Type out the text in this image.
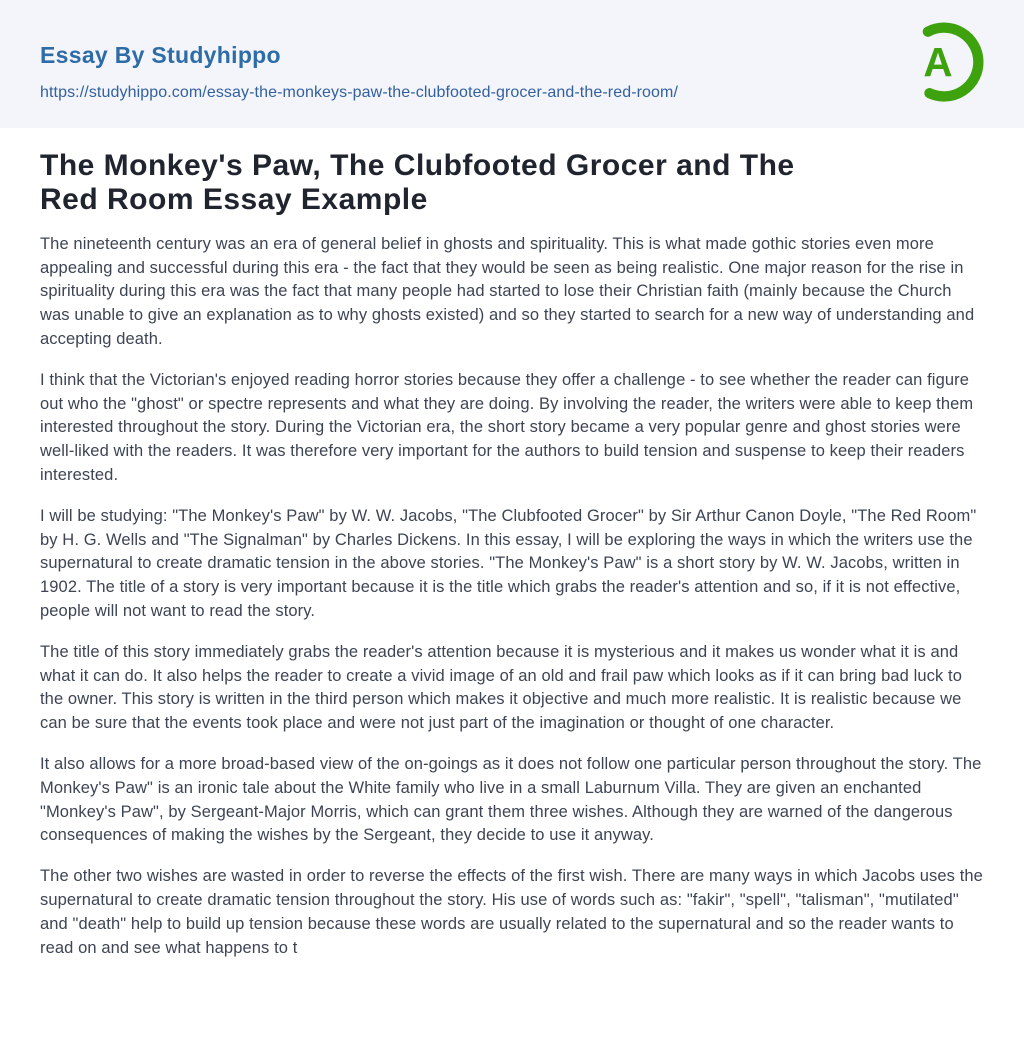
Essay By Studyhippo
https://studyhippo.com/essay-the-monkeys-paw-the-clubfooted-grocer-and-the-red-room/
A
The Monkey's Paw, The Clubfooted Grocer and The Red Room Essay Example

The nineteenth century was an era of general belief in ghosts and spirituality. This is what made gothic stories even more appealing and successful during this era - the fact that they would be seen as being realistic. One major reason for the rise in spirituality during this era was the fact that many people had started to lose their Christian faith (mainly because the Church was unable to give an explanation as to why ghosts existed) and so they started to search for a new way of understanding and accepting death.

I think that the Victorian's enjoyed reading horror stories because they offer a challenge - to see whether the reader can figure out who the "ghost" or spectre represents and what they are doing. By involving the reader, the writers were able to keep them interested throughout the story. During the Victorian era, the short story became a very popular genre and ghost stories were well-liked with the readers. It was therefore very important for the authors to build tension and suspense to keep their readers interested.

I will be studying: "The Monkey's Paw" by W. W. Jacobs, "The Clubfooted Grocer" by Sir Arthur Canon Doyle, "The Red Room" by H. G. Wells and "The Signalman" by Charles Dickens. In this essay, I will be exploring the ways in which the writers use the supernatural to create dramatic tension in the above stories. "The Monkey's Paw" is a short story by W. W. Jacobs, written in 1902. The title of a story is very important because it is the title which grabs the reader's attention and so, if it is not effective, people will not want to read the story.

The title of this story immediately grabs the reader's attention because it is mysterious and it makes us wonder what it is and what it can do. It also helps the reader to create a vivid image of an old and frail paw which looks as if it can bring bad luck to the owner. This story is written in the third person which makes it objective and much more realistic. It is realistic because we can be sure that the events took place and were not just part of the imagination or thought of one character.

It also allows for a more broad-based view of the on-goings as it does not follow one particular person throughout the story. The Monkey's Paw" is an ironic tale about the White family who live in a small Laburnum Villa. They are given an enchanted "Monkey's Paw", by Sergeant-Major Morris, which can grant them three wishes. Although they are warned of the dangerous consequences of making the wishes by the Sergeant, they decide to use it anyway.

The other two wishes are wasted in order to reverse the effects of the first wish. There are many ways in which Jacobs uses the supernatural to create dramatic tension throughout the story. His use of words such as: "fakir", "spell", "talisman", "mutilated" and "death" help to build up tension because these words are usually related to the supernatural and so the reader wants to read on and see what happens to t
